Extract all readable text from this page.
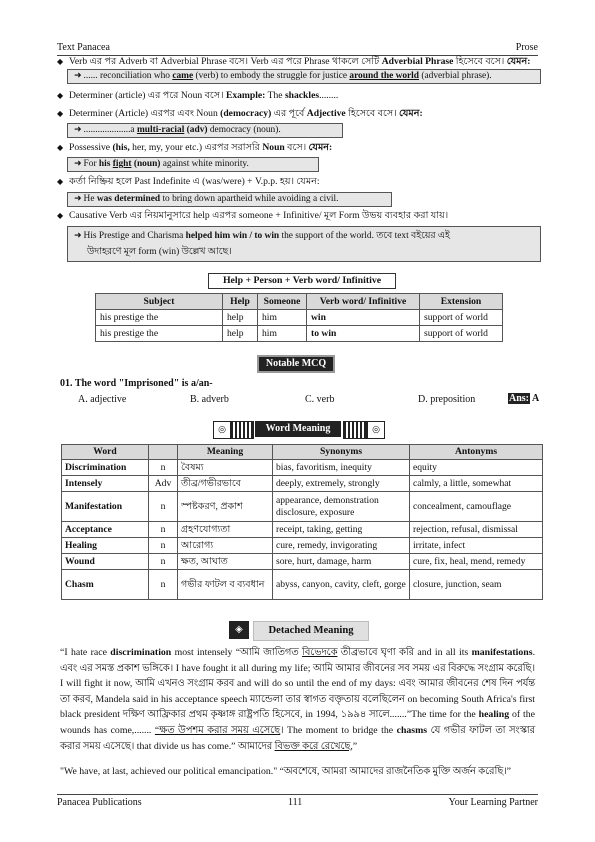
Text Panacea	Prose
◆ Verb এর পর Adverb বা Adverbial Phrase বসে। Verb এর পরে Phrase থাকলে সেটি Adverbial Phrase হিসেবে বসে। যেমন:
➜ ...... reconciliation who came (verb) to embody the struggle for justice around the world (adverbial phrase).
◆ Determiner (article) এর পরে Noun বসে। Example: The shackles........
◆ Determiner (Article) এরপর এবং Noun (democracy) এর পূর্বে Adjective হিসেবে বসে। যেমন:
➜ ....................a multi-racial (adv) democracy (noun).
◆ Possessive (his, her, my, your etc.) এরপর সরাসরি Noun বসে। যেমন:
➜ For his fight (noun) against white minority.
◆ কর্তা নিষ্ক্রিয় হলে Past Indefinite এ (was/were) + V.p.p. হয়। যেমন:
➜ He was determined to bring down apartheid while avoiding a civil.
◆ Causative Verb এর নিয়মানুসারে help এরপর someone + Infinitive/ মূল Form উভয় ব্যবহার করা যায়।
➜ His Prestige and Charisma helped him win / to win the support of the world. তবে text বইয়ের এই
উদাহরণে মূল form (win) উল্লেখ আছে।
Help + Person + Verb word/ Infinitive
Subject	Help	Someone	Verb word/ Infinitive	Extension
his prestige the	help	him	win	support of world
his prestige the	help	him	to win	support of world
Notable MCQ
01. The word "Imprisoned" is a/an-
A. adjective	B. adverb	C. verb	D. preposition	Ans: A
◎	Word Meaning	◎
Word		Meaning	Synonyms	Antonyms
Discrimination	n	বৈষম্য	bias, favoritism, inequity	equity
Intensely	Adv	তীব্র/গভীরভাবে	deeply, extremely, strongly	calmly, a little, somewhat
Manifestation	n	স্পষ্টকরণ, প্রকাশ	appearance, demonstration disclosure, exposure	concealment, camouflage
Acceptance	n	গ্রহণযোগ্যতা	receipt, taking, getting	rejection, refusal, dismissal
Healing	n	আরোগ্য	cure, remedy, invigorating	irritate, infect
Wound	n	ক্ষত, আঘাত	sore, hurt, damage, harm	cure, fix, heal, mend, remedy
Chasm	n	গভীর ফাটল ব ব্যবধান	abyss, canyon, cavity, cleft, gorge	closure, junction, seam
◈	Detached Meaning
“I hate race discrimination most intensely “আমি জাতিগত বিভেদকে তীব্রভাবে ঘৃণা করি and in all its manifestations. এবং এর সমস্ত প্রকাশ ভঙ্গিকে। I have fought it all during my life; আমি আমার জীবনের সব সময় এর বিরুদ্ধে সংগ্রাম করেছি। I will fight it now, আমি এখনও সংগ্রাম করব and will do so until the end of my days: এবং আমার জীবনের শেষ দিন পর্যন্ত তা করব, Mandela said in his acceptance speech ম্যান্ডেলা তার স্বাগত বক্তৃতায় বলেছিলেন on becoming South Africa's first black president দক্ষিণ আফ্রিকার প্রথম কৃষ্ণাঙ্গ রাষ্ট্রপতি হিসেবে, in 1994, ১৯৯৪ সালে.......”The time for the healing of the wounds has come,....... “ক্ষত উপশম করার সময় এসেছে। The moment to bridge the chasms যে গভীর ফাটল তা সংস্কার করার সময় এসেছে। that divide us has come.” আমাদের বিভক্ত করে রেখেছে,”
"We have, at last, achieved our political emancipation." “অবশেষে, আমরা আমাদের রাজনৈতিক মুক্তি অর্জন করেছি।”
Panacea Publications	111	Your Learning Partner
